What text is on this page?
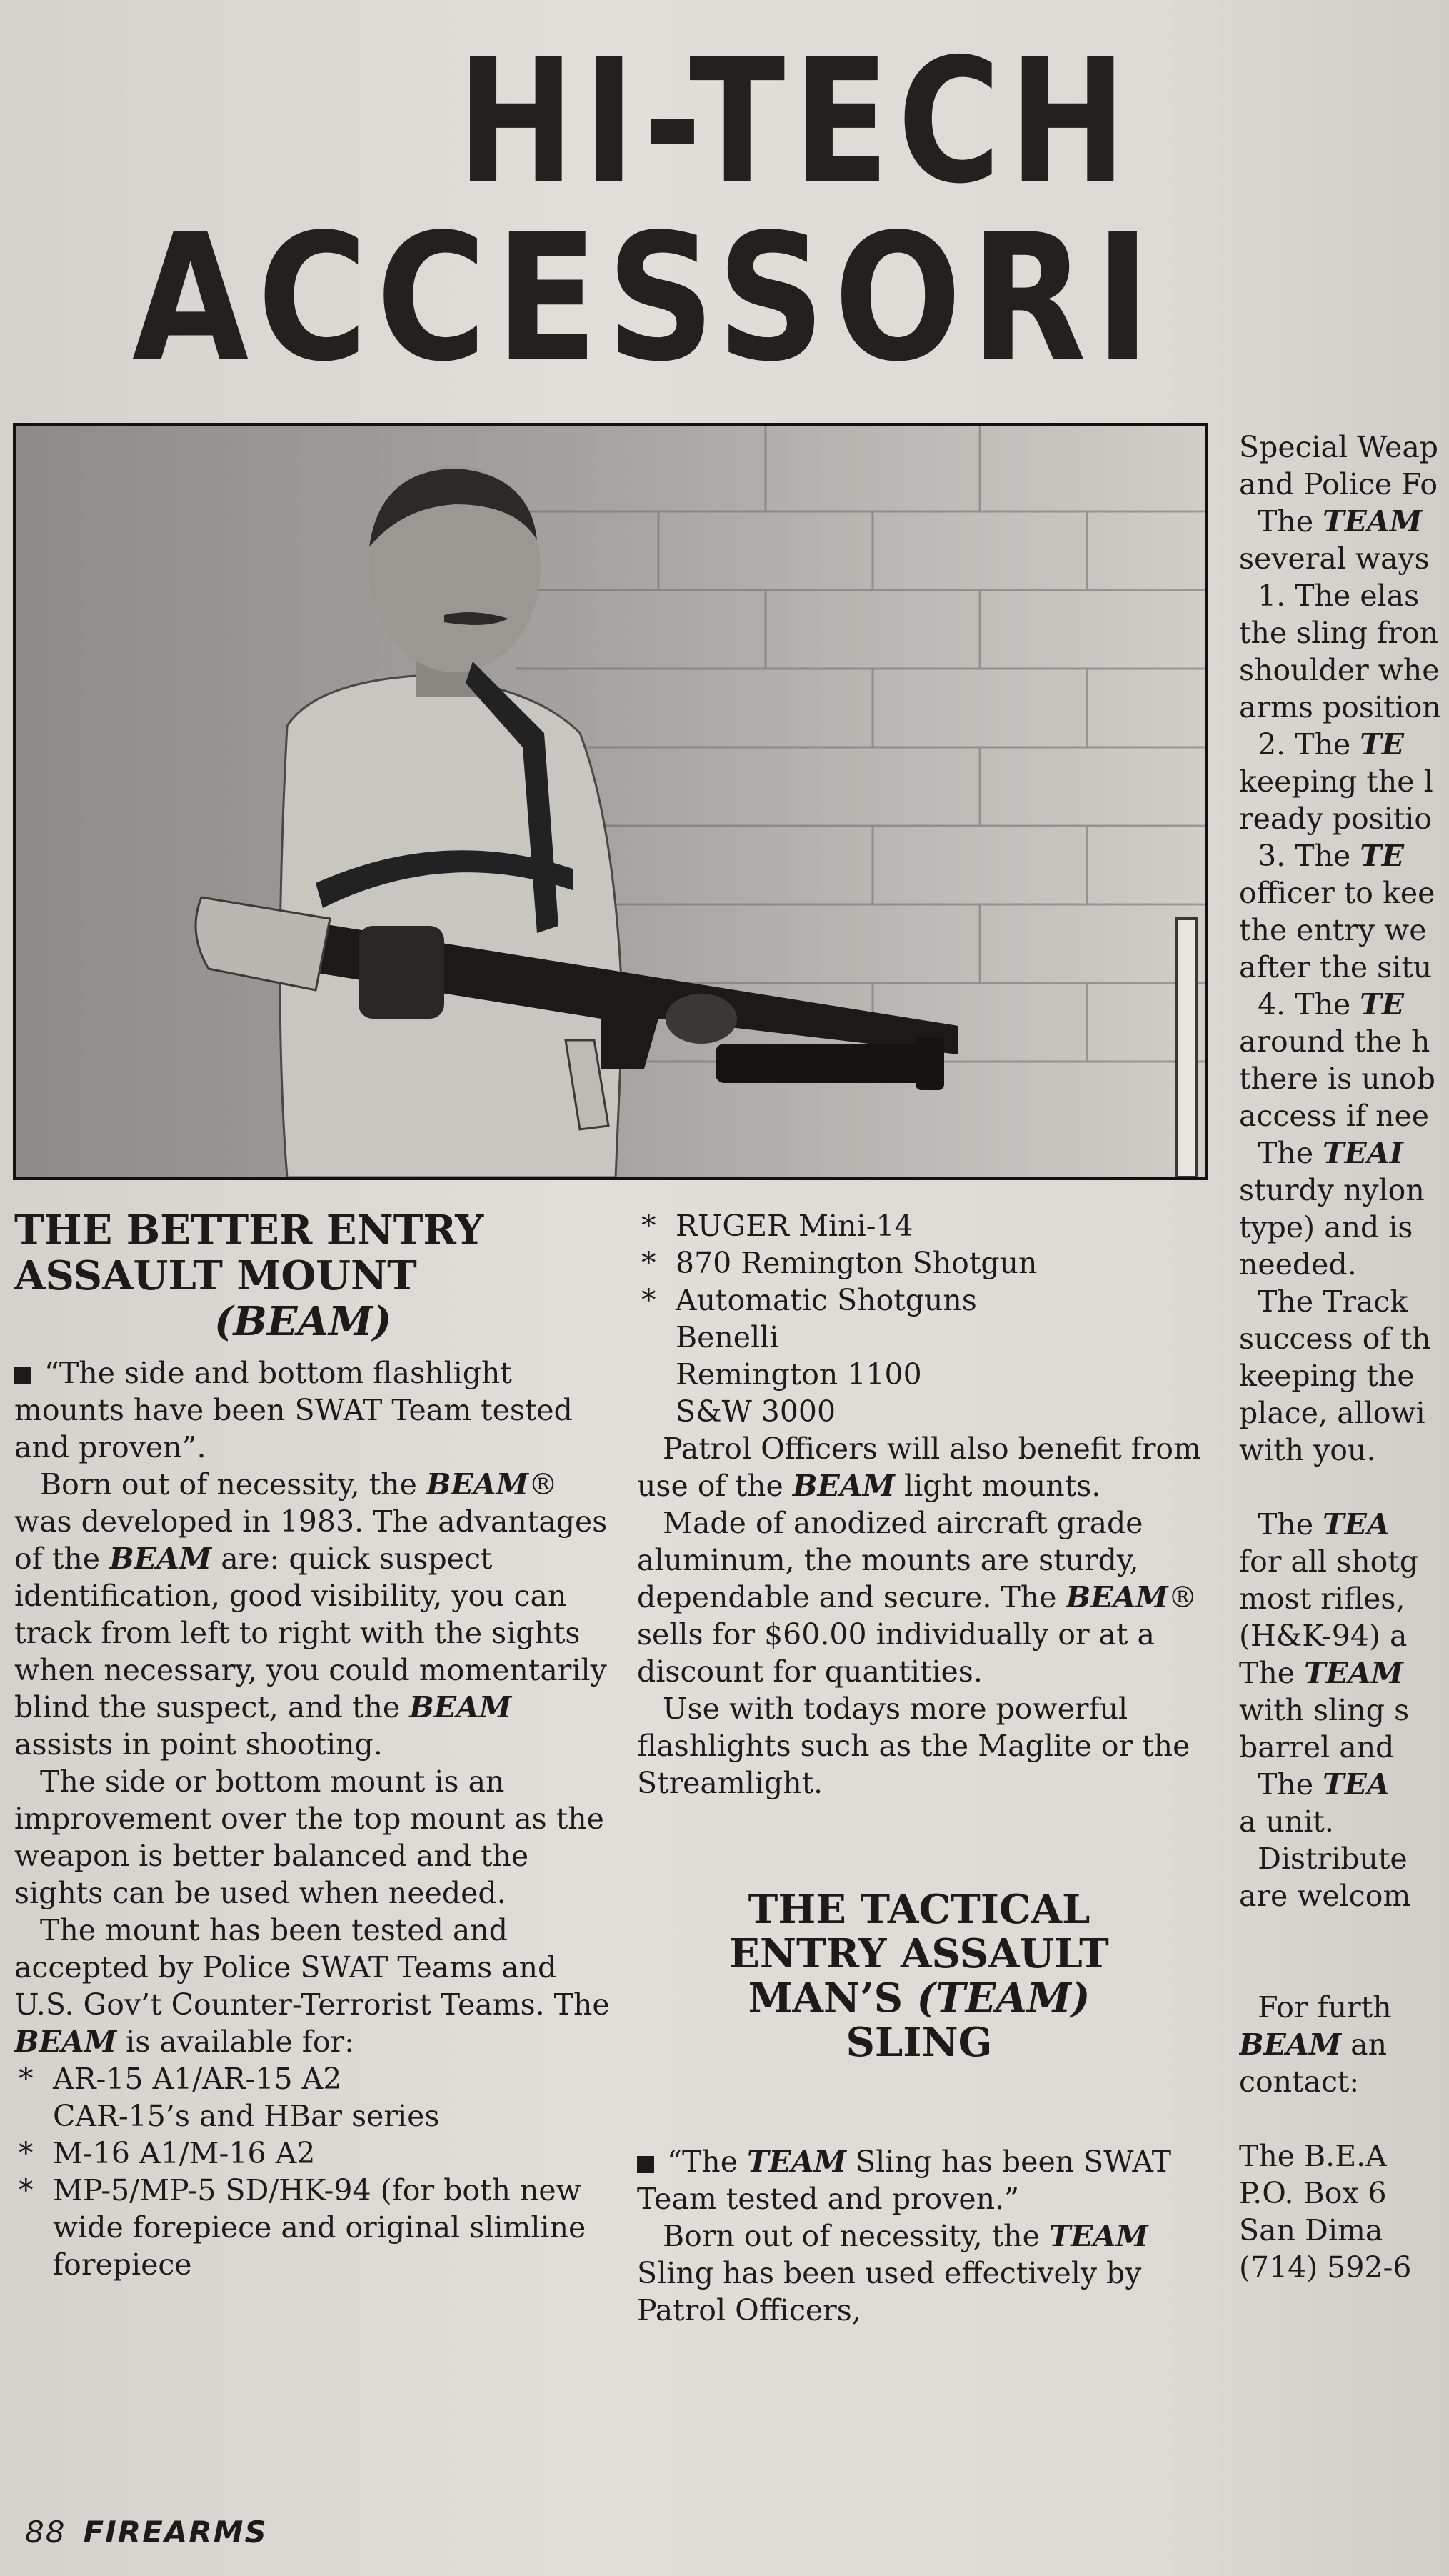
HI-TECH
ACCESSORI

THE BETTER ENTRY

ASSAULT MOUNT

(BEAM)

“The side and bottom flashlight mounts have been SWAT Team tested and proven”.

Born out of necessity, the BEAM® was developed in 1983. The advantages of the BEAM are: quick suspect identification, good visibility, you can track from left to right with the sights when necessary, you could momentarily blind the suspect, and the BEAM assists in point shooting.

The side or bottom mount is an improvement over the top mount as the weapon is better balanced and the sights can be used when needed.

The mount has been tested and accepted by Police SWAT Teams and U.S. Gov’t Counter-Terrorist Teams. The BEAM is available for:

* AR-15 A1/AR-15 A2
CAR-15’s and HBar series
* M-16 A1/M-16 A2
* MP-5/MP-5 SD/HK-94 (for both new wide forepiece and original slimline forepiece
* RUGER Mini-14
* 870 Remington Shotgun
* Automatic Shotguns

Benelli

Remington 1100

S&W 3000

Patrol Officers will also benefit from use of the BEAM light mounts.

Made of anodized aircraft grade aluminum, the mounts are sturdy, dependable and secure. The BEAM® sells for $60.00 individually or at a discount for quantities.

Use with todays more powerful flashlights such as the Maglite or the Streamlight.

THE TACTICAL

ENTRY ASSAULT

MAN’S (TEAM)

SLING

“The TEAM Sling has been SWAT Team tested and proven.”

Born out of necessity, the TEAM Sling has been used effectively by Patrol Officers,

Special Weap
and Police Fo
The TEAM
several ways
1. The elas
the sling fron
shoulder whe
arms position
2. The TE
keeping the l
ready positio
3. The TE
officer to kee
the entry we
after the situ
4. The TE
around the h
there is unob
access if nee
The TEAI
sturdy nylon
type) and is
needed.
The Track
success of th
keeping the
place, allowi
with you.
The TEA
for all shotg
most rifles,
(H&K-94) a
The TEAM
with sling s
barrel and
The TEA
a unit.
Distribute
are welcom
For furth
BEAM an
contact:
The B.E.A
P.O. Box 6
San Dima
(714) 592-6
88 FIREARMS
